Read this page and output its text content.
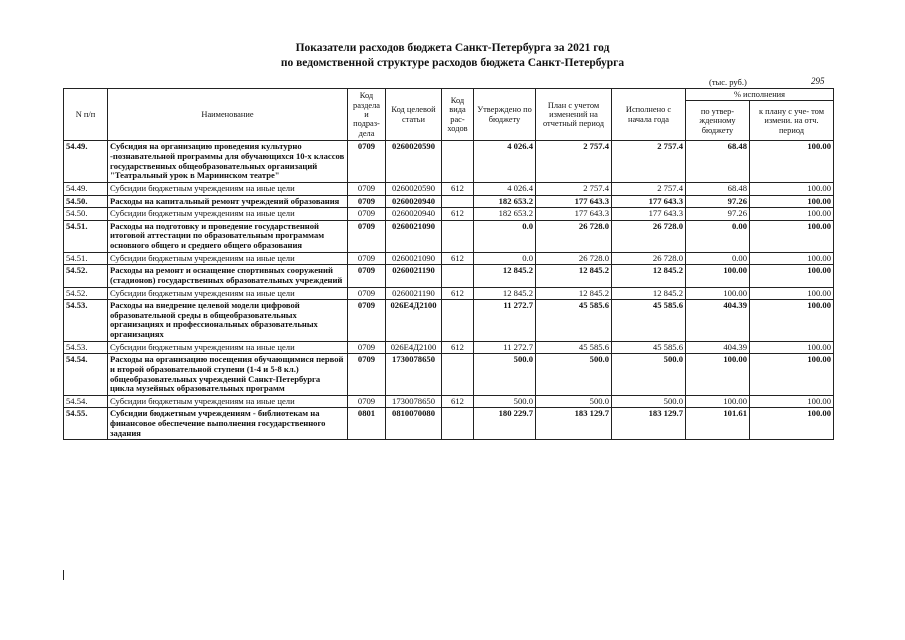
Показатели расходов бюджета Санкт-Петербурга за 2021 год
по ведомственной структуре расходов бюджета Санкт-Петербурга
(тыс. руб.)	295
N п/п	Наименование	Код раздела и подраз- дела	Код целевой статьи	Код вида рас- ходов	Утверждено по бюджету	План с учетом изменений на отчетный период	Исполнено с начала года	% исполнения	
								по утвер- жденному бюджету	к плану с уче- том измени. на отч. период
54.49.	Субсидия на организацию проведения культурно -познавательной программы для обучающихся 10-х классов государственных общеобразовательных организаций "Театральный урок в Мариинском театре"	0709	0260020590		4 026.4	2 757.4	2 757.4	68.48	100.00
54.49.	Субсидии бюджетным учреждениям на иные цели	0709	0260020590	612	4 026.4	2 757.4	2 757.4	68.48	100.00
54.50.	Расходы на капитальный ремонт учреждений образования	0709	0260020940		182 653.2	177 643.3	177 643.3	97.26	100.00
54.50.	Субсидии бюджетным учреждениям на иные цели	0709	0260020940	612	182 653.2	177 643.3	177 643.3	97.26	100.00
54.51.	Расходы на подготовку и проведение государственной итоговой аттестации по образовательным программам основного общего и среднего общего образования	0709	0260021090		0.0	26 728.0	26 728.0	0.00	100.00
54.51.	Субсидии бюджетным учреждениям на иные цели	0709	0260021090	612	0.0	26 728.0	26 728.0	0.00	100.00
54.52.	Расходы на ремонт и оснащение спортивных сооружений (стадионов) государственных образовательных учреждений	0709	0260021190		12 845.2	12 845.2	12 845.2	100.00	100.00
54.52.	Субсидии бюджетным учреждениям на иные цели	0709	0260021190	612	12 845.2	12 845.2	12 845.2	100.00	100.00
54.53.	Расходы на внедрение целевой модели цифровой образовательной среды в общеобразовательных организациях и профессиональных образовательных организациях	0709	026Е4Д2100		11 272.7	45 585.6	45 585.6	404.39	100.00
54.53.	Субсидии бюджетным учреждениям на иные цели	0709	026Е4Д2100	612	11 272.7	45 585.6	45 585.6	404.39	100.00
54.54.	Расходы на организацию посещения обучающимися первой и второй образовательной ступени (1-4 и 5-8 кл.) общеобразовательных учреждений Санкт-Петербурга цикла музейных образовательных программ	0709	1730078650		500.0	500.0	500.0	100.00	100.00
54.54.	Субсидии бюджетным учреждениям на иные цели	0709	1730078650	612	500.0	500.0	500.0	100.00	100.00
54.55.	Субсидии бюджетным учреждениям - библиотекам на финансовое обеспечение выполнения государственного задания	0801	0810070080		180 229.7	183 129.7	183 129.7	101.61	100.00
